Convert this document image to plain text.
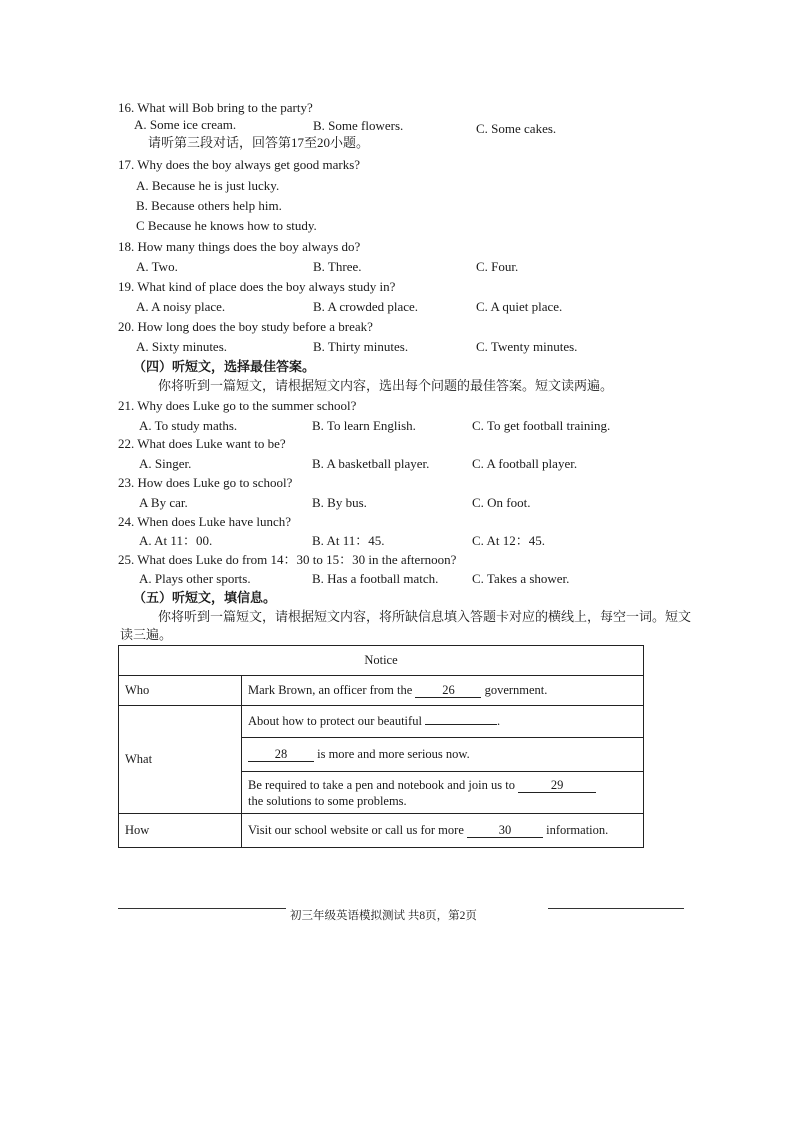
16. What will Bob bring to the party?
A. Some ice cream.	B. Some flowers.	C. Some cakes.
请听第三段对话，回答第17至20小题。
17. Why does the boy always get good marks?
A. Because he is just lucky.
B. Because others help him.
C Because he knows how to study.
18. How many things does the boy always do?
A. Two.	B. Three.	C. Four.
19. What kind of place does the boy always study in?
A. A noisy place.	B. A crowded place.	C. A quiet place.
20. How long does the boy study before a break?
A. Sixty minutes.	B. Thirty minutes.	C. Twenty minutes.
（四）听短文，选择最佳答案。
你将听到一篇短文，请根据短文内容，选出每个问题的最佳答案。短文读两遍。
21. Why does Luke go to the summer school?
A. To study maths.	B. To learn English.	C. To get football training.
22. What does Luke want to be?
A. Singer.	B. A basketball player.	C. A football player.
23. How does Luke go to school?
A By car.	B. By bus.	C. On foot.
24. When does Luke have lunch?
A. At 11：00.	B. At 11：45.	C. At 12：45.
25. What does Luke do from 14：30 to 15：30 in the afternoon?
A. Plays other sports.	B. Has a football match.	C. Takes a shower.
（五）听短文，填信息。
你将听到一篇短文，请根据短文内容，将所缺信息填入答题卡对应的横线上，每空一词。短文
读三遍。
Notice	
Who	Mark Brown, an officer from the 26 government.
What	About how to protect our beautiful .
	28 is more and more serious now.
	Be required to take a pen and notebook and join us to 29
the solutions to some problems.
How	Visit our school website or call us for more 30 information.
初三年级英语模拟测试 共8页，第2页
